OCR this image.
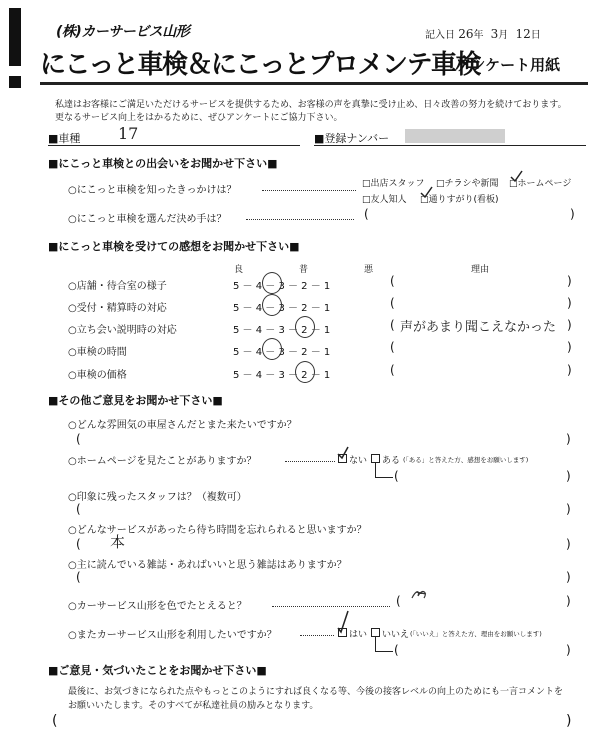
(株)カーサービス山形	記入日 26年 3月 12日
にこっと車検＆にこっとプロメンテ車検
アンケート用紙
私達はお客様にご満足いただけるサービスを提供するため、お客様の声を真摯に受け止め、日々改善の努力を続けております。
更なるサービス向上をはかるために、ぜひアンケートにご協力下さい。
■車種 17	■登録ナンバー
■にこっと車検との出会いをお聞かせ下さい■
○にこっと車検を知ったきっかけは？
□出店スタッフ □チラシや新聞 □ホームページ
□友人知人 □通りすがり(看板)
○にこっと車検を選んだ決め手は？	(	)
■にこっと車検を受けての感想をお聞かせ下さい■
良	普	悪	理由
○店舗・待合室の様子	5 － 4 － 3 － 2 － 1	(	)
○受付・精算時の対応	5 － 4 － 3 － 2 － 1	(	)
○立ち会い説明時の対応	5 － 4 － 3 － 2 － 1	( 声があまり聞こえなかった )
○車検の時間	5 － 4 － 3 － 2 － 1	(	)
○車検の価格	5 － 4 － 3 － 2 － 1	(	)
■その他ご意見をお聞かせ下さい■
○どんな雰囲気の車屋さんだとまた来たいですか？
(	)
○ホームページを見たことがありますか？	ない ある (「ある」と答えた方、感想をお願いします)
(	)
○印象に残ったスタッフは？（複数可）
(	)
○どんなサービスがあったら待ち時間を忘れられると思いますか？
( 本	)
○主に読んでいる雑誌・あればいいと思う雑誌はありますか？
(	)
○カーサービス山形を色でたとえると？	(	)
○またカーサービス山形を利用したいですか？	はい いいえ (「いいえ」と答えた方、理由をお願いします)
(	)
■ご意見・気づいたことをお聞かせ下さい■
最後に、お気づきになられた点やもっとこのようにすれば良くなる等、今後の接客レベルの向上のためにも一言コメントを
お願いいたします。そのすべてが私達社員の励みとなります。
(	)
